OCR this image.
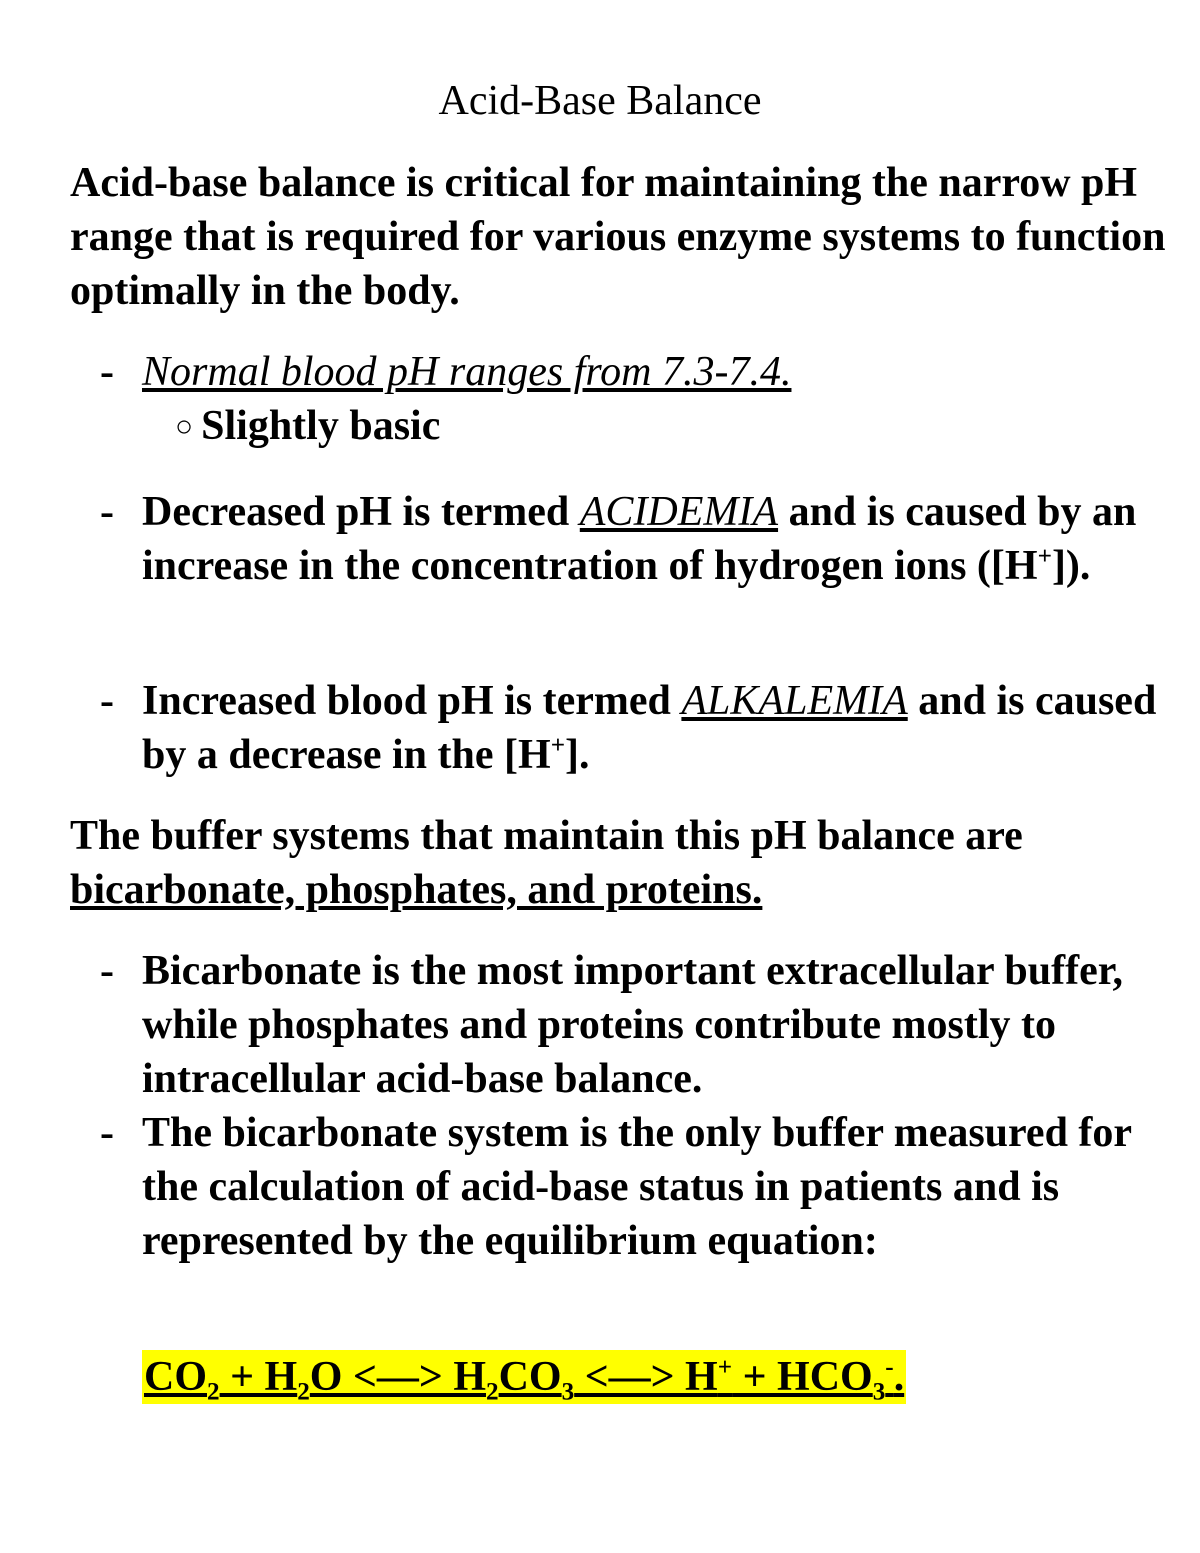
Acid-Base Balance
Acid-base balance is critical for maintaining the narrow pH range that is required for various enzyme systems to function optimally in the body.
- Normal blood pH ranges from 7.3-7.4.
○ Slightly basic
- Decreased pH is termed ACIDEMIA and is caused by an increase in the concentration of hydrogen ions ([H+]).
- Increased blood pH is termed ALKALEMIA and is caused by a decrease in the [H+].
The buffer systems that maintain this pH balance are bicarbonate, phosphates, and proteins.
- Bicarbonate is the most important extracellular buffer, while phosphates and proteins contribute mostly to intracellular acid-base balance.
- The bicarbonate system is the only buffer measured for the calculation of acid-base status in patients and is represented by the equilibrium equation:
$CO_2 + H_2O$ <—> $H_2CO_3$ <—> $H^+ + HCO_3^-$.
